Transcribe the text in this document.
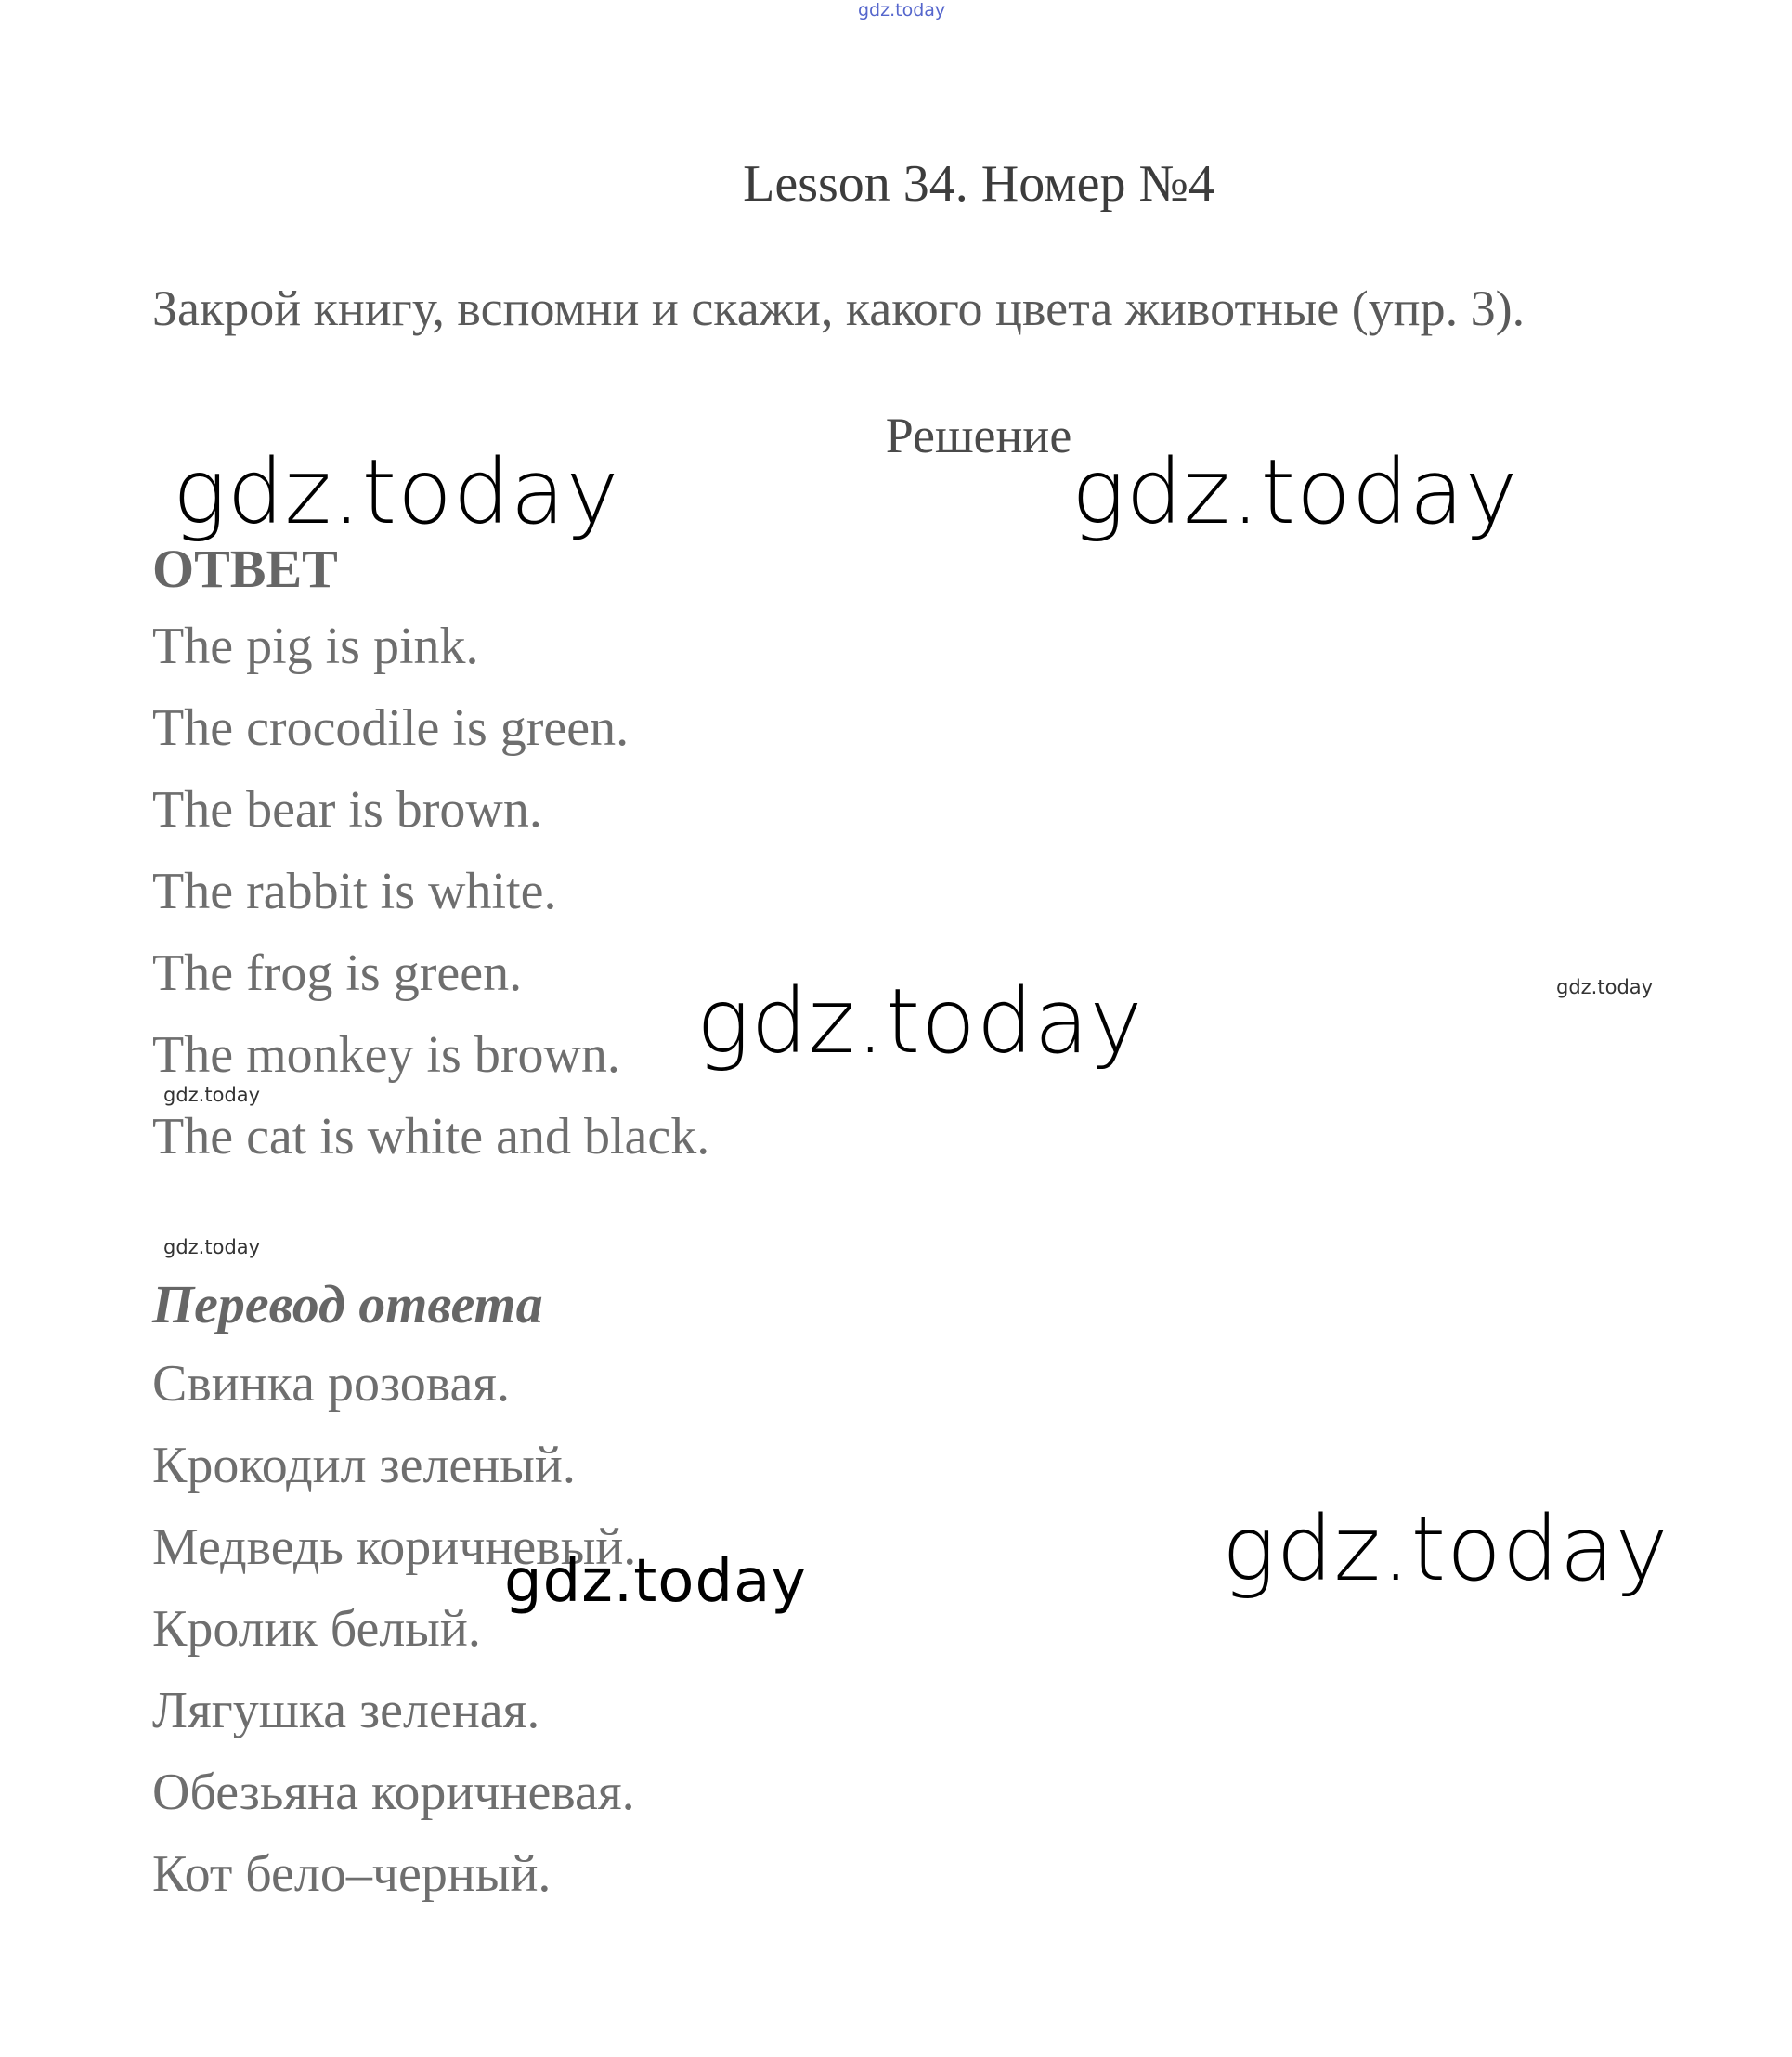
gdz.today
Lesson 34. Номер №4
Закрой книгу, вспомни и скажи, какого цвета животные (упр. 3).
Решение
gdz.today	gdz.today
ОТВЕТ
The pig is pink.
The crocodile is green.
The bear is brown.
The rabbit is white.
The frog is green.
The monkey is brown.
The cat is white and black.
gdz.today	gdz.today
gdz.today
gdz.today
Перевод ответа
Свинка розовая.
Крокодил зеленый.
Медведь коричневый.
Кролик белый.
Лягушка зеленая.
Обезьяна коричневая.
Кот бело–черный.
gdz.today
gdz.today
